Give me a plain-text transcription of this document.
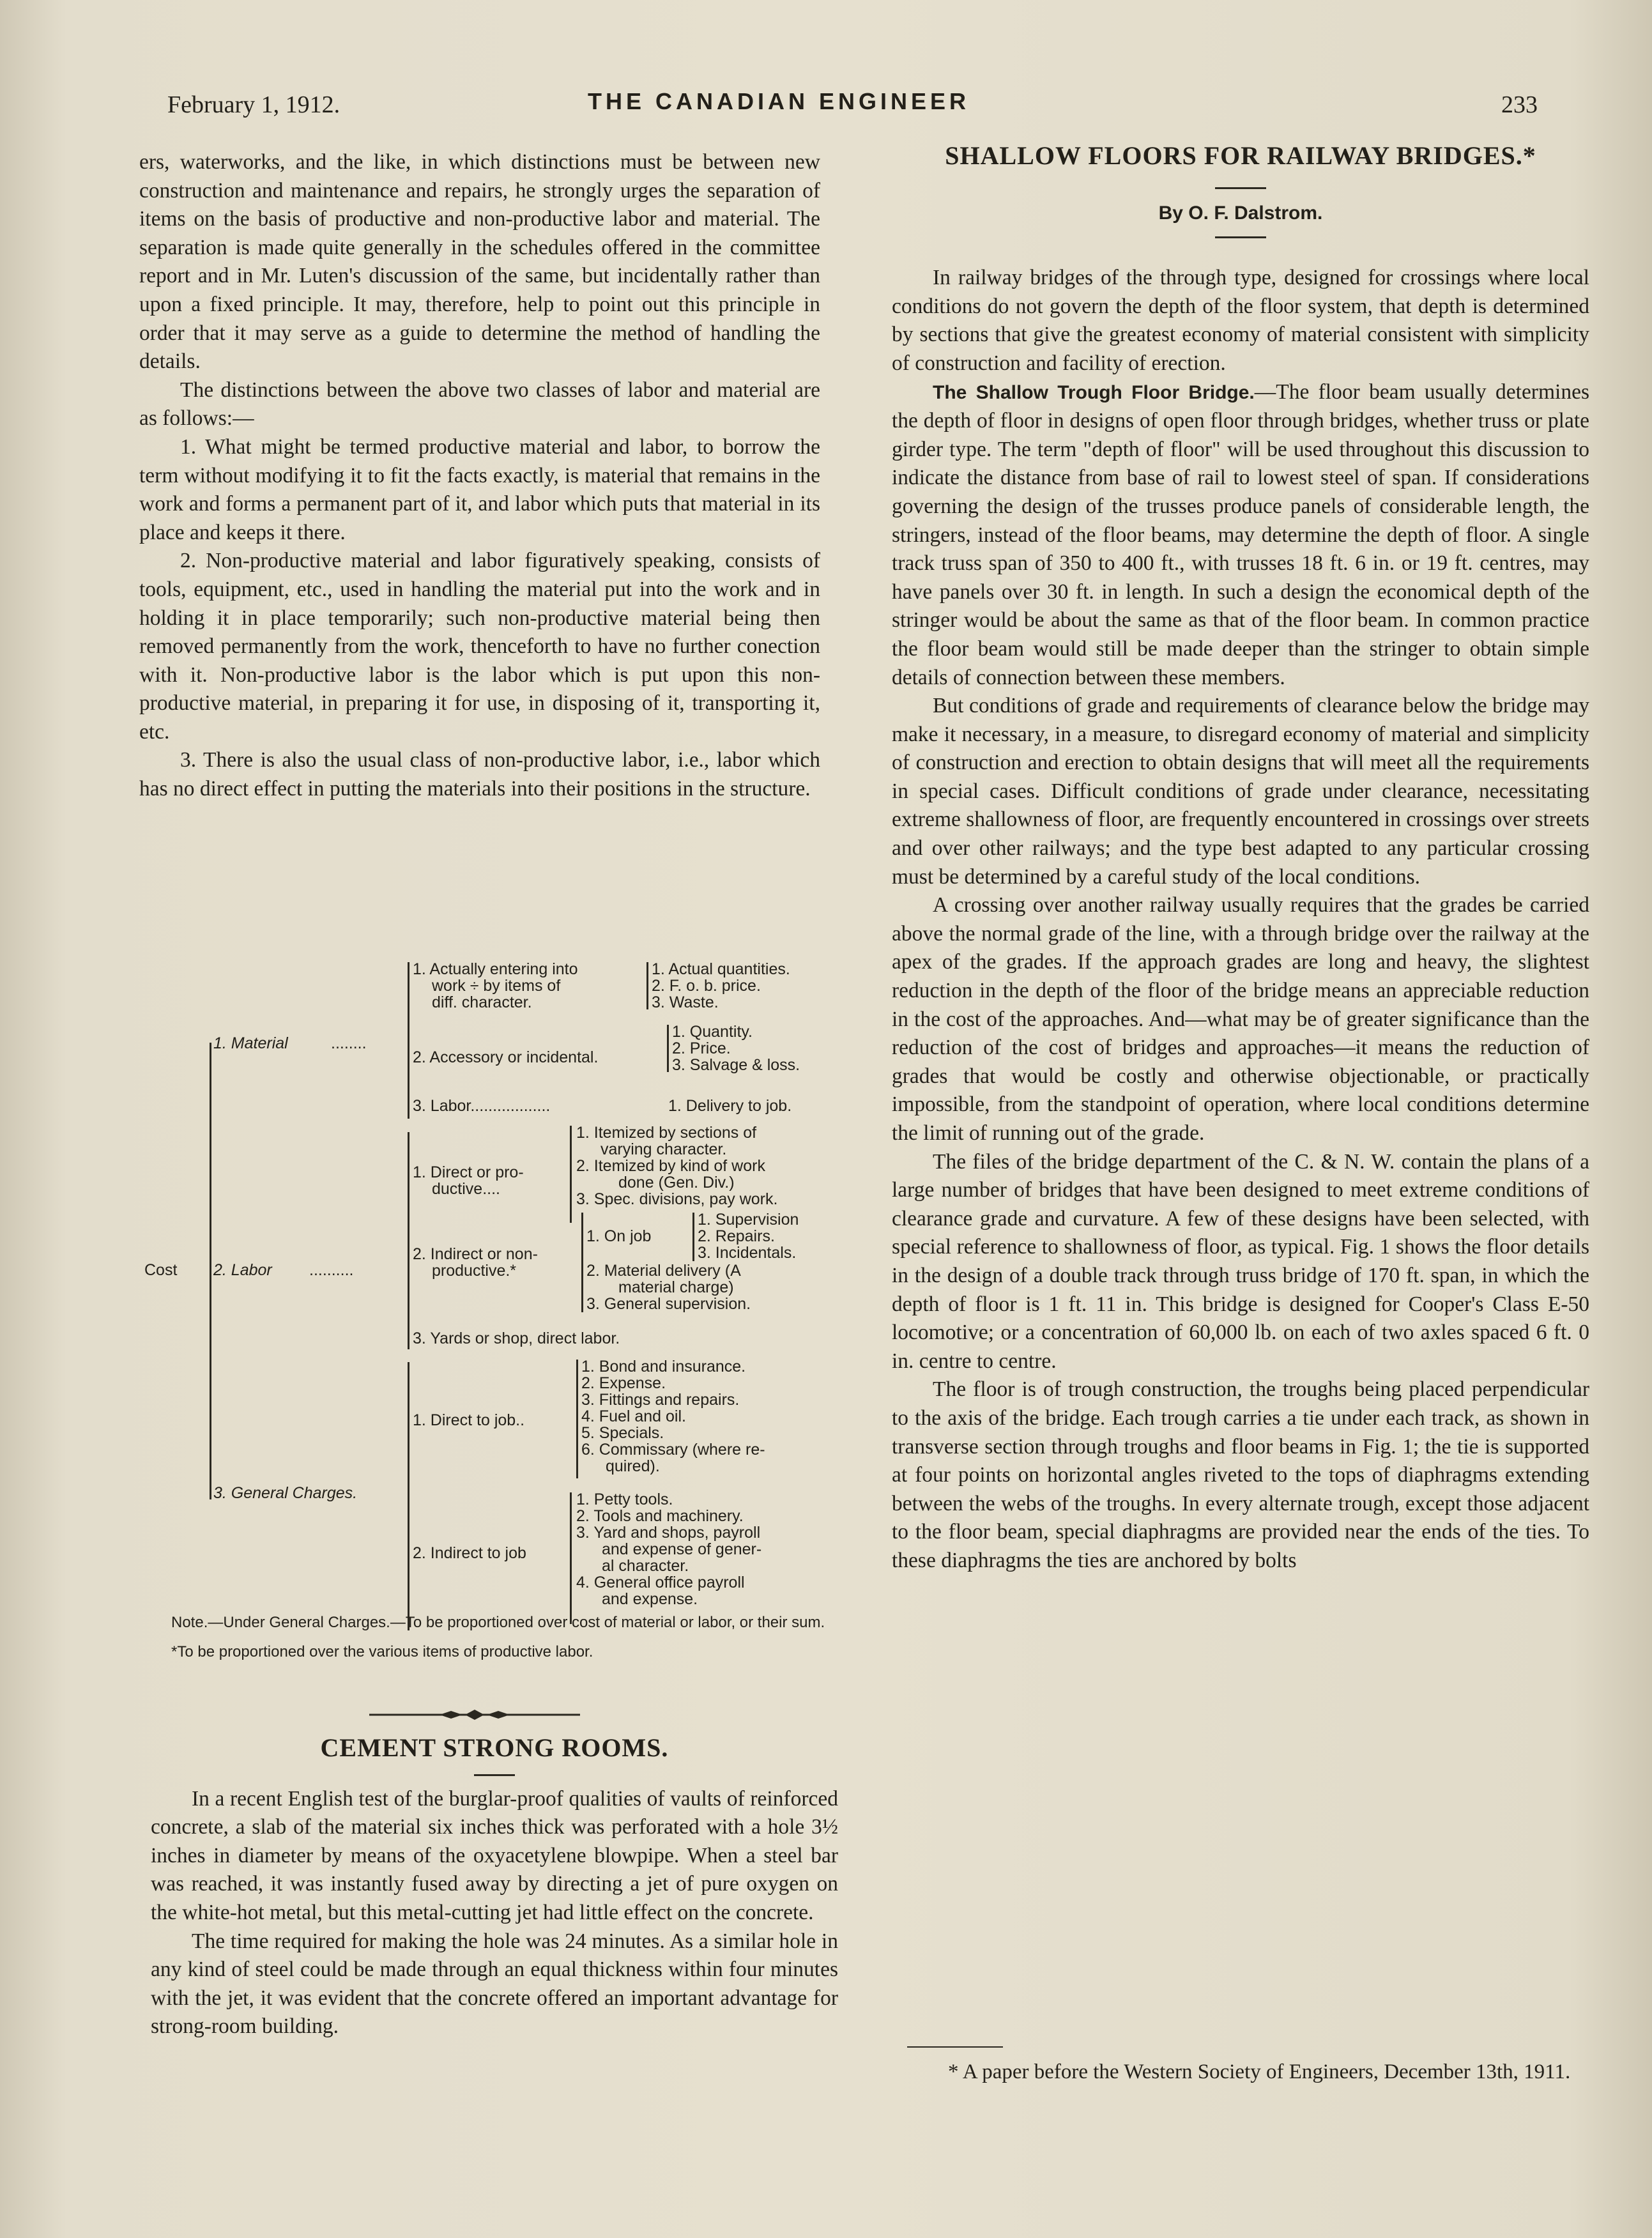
February 1, 1912.	THE CANADIAN ENGINEER	233

ers, waterworks, and the like, in which distinctions must be between new construction and maintenance and repairs, he strongly urges the separation of items on the basis of productive and non-productive labor and material. The separation is made quite generally in the schedules offered in the committee report and in Mr. Luten's discussion of the same, but incidentally rather than upon a fixed principle. It may, therefore, help to point out this principle in order that it may serve as a guide to determine the method of handling the details.

The distinctions between the above two classes of labor and material are as follows:—

1. What might be termed productive material and labor, to borrow the term without modifying it to fit the facts exactly, is material that remains in the work and forms a permanent part of it, and labor which puts that material in its place and keeps it there.

2. Non-productive material and labor figuratively speaking, consists of tools, equipment, etc., used in handling the material put into the work and in holding it in place temporarily; such non-productive material being then removed permanently from the work, thenceforth to have no further conection with it. Non-productive labor is the labor which is put upon this non-productive material, in preparing it for use, in disposing of it, transporting it, etc.

3. There is also the usual class of non-productive labor, i.e., labor which has no direct effect in putting the materials into their positions in the structure.

Cost
1. Material	........
1. Actually entering into
work ÷ by items of
diff. character.
1. Actual quantities.
2. F. o. b. price.
3. Waste.
2. Accessory or incidental.
1. Quantity.
2. Price.
3. Salvage & loss.
3. Labor..................	1. Delivery to job.
2. Labor ..........
1. Direct or pro-
ductive....
1. Itemized by sections of
varying character.
2. Itemized by kind of work
done (Gen. Div.)
3. Spec. divisions, pay work.
2. Indirect or non-
productive.*
1. On job
1. Supervision
2. Repairs.
3. Incidentals.
2. Material delivery (A
material charge)
3. General supervision.
3. Yards or shop, direct labor.
3. General Charges.
1. Direct to job..
1. Bond and insurance.
2. Expense.
3. Fittings and repairs.
4. Fuel and oil.
5. Specials.
6. Commissary (where re-
quired).
2. Indirect to job
1. Petty tools.
2. Tools and machinery.
3. Yard and shops, payroll
and expense of gener-
al character.
4. General office payroll
and expense.
Note.—Under General Charges.—To be proportioned over cost of material or labor, or their sum.
*To be proportioned over the various items of productive labor.
CEMENT STRONG ROOMS.

In a recent English test of the burglar-proof qualities of vaults of reinforced concrete, a slab of the material six inches thick was perforated with a hole 3½ inches in diameter by means of the oxyacetylene blowpipe. When a steel bar was reached, it was instantly fused away by directing a jet of pure oxygen on the white-hot metal, but this metal-cutting jet had little effect on the concrete.

The time required for making the hole was 24 minutes. As a similar hole in any kind of steel could be made through an equal thickness within four minutes with the jet, it was evident that the concrete offered an important advantage for strong-room building.

SHALLOW FLOORS FOR RAILWAY BRIDGES.*
By O. F. Dalstrom.

In railway bridges of the through type, designed for crossings where local conditions do not govern the depth of the floor system, that depth is determined by sections that give the greatest economy of material consistent with simplicity of construction and facility of erection.

The Shallow Trough Floor Bridge.—The floor beam usually determines the depth of floor in designs of open floor through bridges, whether truss or plate girder type. The term "depth of floor" will be used throughout this discussion to indicate the distance from base of rail to lowest steel of span. If considerations governing the design of the trusses produce panels of considerable length, the stringers, instead of the floor beams, may determine the depth of floor. A single track truss span of 350 to 400 ft., with trusses 18 ft. 6 in. or 19 ft. centres, may have panels over 30 ft. in length. In such a design the economical depth of the stringer would be about the same as that of the floor beam. In common practice the floor beam would still be made deeper than the stringer to obtain simple details of connection between these members.

But conditions of grade and requirements of clearance below the bridge may make it necessary, in a measure, to disregard economy of material and simplicity of construction and erection to obtain designs that will meet all the requirements in special cases. Difficult conditions of grade under clearance, necessitating extreme shallowness of floor, are frequently encountered in crossings over streets and over other railways; and the type best adapted to any particular crossing must be determined by a careful study of the local conditions.

A crossing over another railway usually requires that the grades be carried above the normal grade of the line, with a through bridge over the railway at the apex of the grades. If the approach grades are long and heavy, the slightest reduction in the depth of the floor of the bridge means an appreciable reduction in the cost of the approaches. And—what may be of greater significance than the reduction of the cost of bridges and approaches—it means the reduction of grades that would be costly and otherwise objectionable, or practically impossible, from the standpoint of operation, where local conditions determine the limit of running out of the grade.

The files of the bridge department of the C. & N. W. contain the plans of a large number of bridges that have been designed to meet extreme conditions of clearance grade and curvature. A few of these designs have been selected, with special reference to shallowness of floor, as typical. Fig. 1 shows the floor details in the design of a double track through truss bridge of 170 ft. span, in which the depth of floor is 1 ft. 11 in. This bridge is designed for Cooper's Class E-50 locomotive; or a concentration of 60,000 lb. on each of two axles spaced 6 ft. 0 in. centre to centre.

The floor is of trough construction, the troughs being placed perpendicular to the axis of the bridge. Each trough carries a tie under each track, as shown in transverse section through troughs and floor beams in Fig. 1; the tie is supported at four points on horizontal angles riveted to the tops of diaphragms extending between the webs of the troughs. In every alternate trough, except those adjacent to the floor beam, special diaphragms are provided near the ends of the ties. To these diaphragms the ties are anchored by bolts

* A paper before the Western Society of Engineers, December 13th, 1911.
